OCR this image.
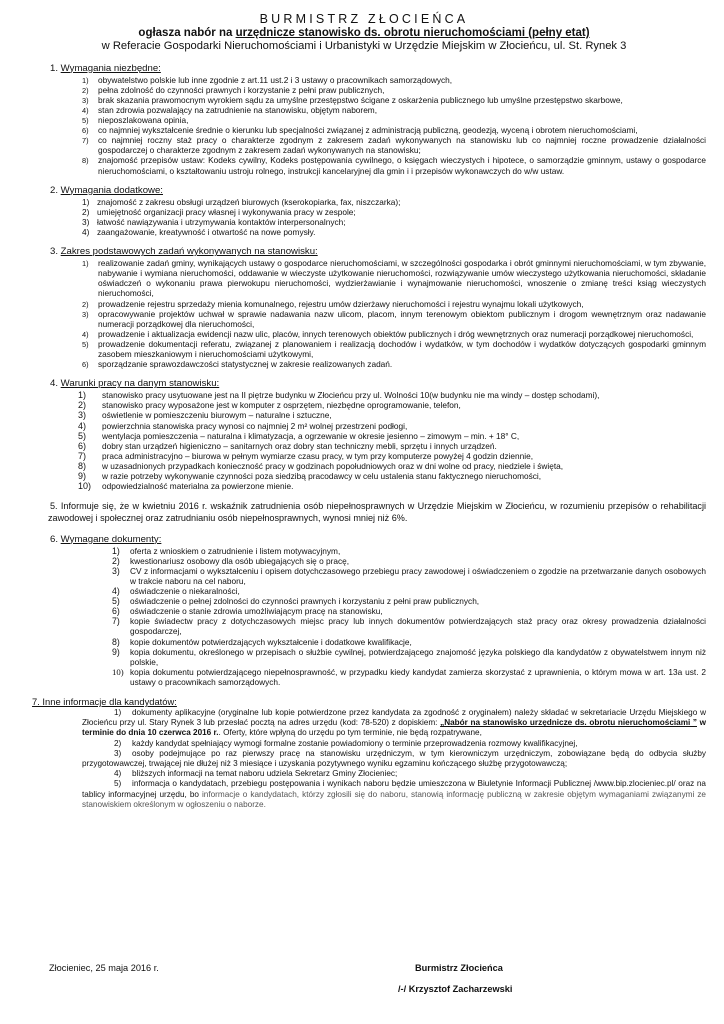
BURMISTRZ ZŁOCIEŃCA
ogłasza nabór na urzędnicze stanowisko ds. obrotu nieruchomościami (pełny etat)
w Referacie Gospodarki Nieruchomościami i Urbanistyki w Urzędzie Miejskim w Złocieńcu, ul. St. Rynek 3
1. Wymagania niezbędne:
1) obywatelstwo polskie lub inne zgodnie z art.11 ust.2 i 3 ustawy o pracownikach samorządowych,
2) pełna zdolność do czynności prawnych i korzystanie z pełni praw publicznych,
3) brak skazania prawomocnym wyrokiem sądu za umyślne przestępstwo ścigane z oskarżenia publicznego lub umyślne przestępstwo skarbowe,
4) stan zdrowia pozwalający na zatrudnienie na stanowisku, objętym naborem,
5) nieposzlakowana opinia,
6) co najmniej wykształcenie średnie o kierunku lub specjalności związanej z administracją publiczną, geodezją, wyceną i obrotem nieruchomościami,
7) co najmniej roczny staż pracy o charakterze zgodnym z zakresem zadań wykonywanych na stanowisku lub co najmniej roczne prowadzenie działalności gospodarczej o charakterze zgodnym z zakresem zadań wykonywanych na stanowisku;
8) znajomość przepisów ustaw: Kodeks cywilny, Kodeks postępowania cywilnego, o księgach wieczystych i hipotece, o samorządzie gminnym, ustawy o gospodarce nieruchomościami, o kształtowaniu ustroju rolnego, instrukcji kancelaryjnej dla gmin i i przepisów wykonawczych do w/w ustaw.
2. Wymagania dodatkowe:
1) znajomość z zakresu obsługi urządzeń biurowych (kserokopiarka, fax, niszczarka);
2) umiejętność organizacji pracy własnej i wykonywania pracy w zespole;
3) łatwość nawiązywania i utrzymywania kontaktów interpersonalnych;
4) zaangażowanie, kreatywność i otwartość na nowe pomysły.
3. Zakres podstawowych zadań wykonywanych na stanowisku:
1) realizowanie zadań gminy, wynikających ustawy o gospodarce nieruchomościami, w szczególności gospodarka i obrót gminnymi nieruchomościami, w tym zbywanie, nabywanie i wymiana nieruchomości, oddawanie w wieczyste użytkowanie nieruchomości, rozwiązywanie umów wieczystego użytkowania nieruchomości, składanie oświadczeń o wykonaniu prawa pierwokupu nieruchomości, wydzierżawianie i wynajmowanie nieruchomości, wnoszenie o zmianę treści ksiąg wieczystych nieruchomości,
2) prowadzenie rejestru sprzedaży mienia komunalnego, rejestru umów dzierżawy nieruchomości i rejestru wynajmu lokali użytkowych,
3) opracowywanie projektów uchwał w sprawie nadawania nazw ulicom, placom, innym terenowym obiektom publicznym i drogom wewnętrznym oraz nadawanie numeracji porządkowej dla nieruchomości,
4) prowadzenie i aktualizacja ewidencji nazw ulic, placów, innych terenowych obiektów publicznych i dróg wewnętrznych oraz numeracji porządkowej nieruchomości,
5) prowadzenie dokumentacji referatu, związanej z planowaniem i realizacją dochodów i wydatków, w tym dochodów i wydatków dotyczących gospodarki gminnym zasobem mieszkaniowym i nieruchomościami użytkowymi,
6) sporządzanie sprawozdawczości statystycznej w zakresie realizowanych zadań.
4. Warunki pracy na danym stanowisku:
1) stanowisko pracy usytuowane jest na II piętrze budynku w Złocieńcu przy ul. Wolności 10(w budynku nie ma windy – dostęp schodami),
2) stanowisko pracy wyposażone jest w komputer z osprzętem, niezbędne oprogramowanie, telefon,
3) oświetlenie w pomieszczeniu biurowym – naturalne i sztuczne,
4) powierzchnia stanowiska pracy wynosi co najmniej 2 m² wolnej przestrzeni podłogi,
5) wentylacja pomieszczenia – naturalna i klimatyzacja, a ogrzewanie w okresie jesienno – zimowym – min. + 18° C,
6) dobry stan urządzeń higieniczno – sanitarnych oraz dobry stan techniczny mebli, sprzętu i innych urządzeń.
7) praca administracyjno – biurowa w pełnym wymiarze czasu pracy, w tym przy komputerze powyżej 4 godzin dziennie,
8) w uzasadnionych przypadkach konieczność pracy w godzinach popołudniowych oraz w dni wolne od pracy, niedziele i święta,
9) w razie potrzeby wykonywanie czynności poza siedzibą pracodawcy w celu ustalenia stanu faktycznego nieruchomości,
10) odpowiedzialność materialna za powierzone mienie.
5. Informuje się, że w kwietniu 2016 r. wskaźnik zatrudnienia osób niepełnosprawnych w Urzędzie Miejskim w Złocieńcu, w rozumieniu przepisów o rehabilitacji zawodowej i społecznej oraz zatrudnianiu osób niepełnosprawnych, wynosi mniej niż 6%.
6. Wymagane dokumenty:
1) oferta z wnioskiem o zatrudnienie i listem motywacyjnym,
2) kwestionariusz osobowy dla osób ubiegających się o pracę,
3) CV z informacjami o wykształceniu i opisem dotychczasowego przebiegu pracy zawodowej i oświadczeniem o zgodzie na przetwarzanie danych osobowych w trakcie naboru na cel naboru,
4) oświadczenie o niekaralności,
5) oświadczenie o pełnej zdolności do czynności prawnych i korzystaniu z pełni praw publicznych,
6) oświadczenie o stanie zdrowia umożliwiającym pracę na stanowisku,
7) kopie świadectw pracy z dotychczasowych miejsc pracy lub innych dokumentów potwierdzających staż pracy oraz okresy prowadzenia działalności gospodarczej,
8) kopie dokumentów potwierdzających wykształcenie i dodatkowe kwalifikacje,
9) kopia dokumentu, określonego w przepisach o służbie cywilnej, potwierdzającego znajomość języka polskiego dla kandydatów z obywatelstwem innym niż polskie,
10) kopia dokumentu potwierdzającego niepełnosprawność, w przypadku kiedy kandydat zamierza skorzystać z uprawnienia, o którym mowa w art. 13a ust. 2 ustawy o pracownikach samorządowych.
7. Inne informacje dla kandydatów:
1) dokumenty aplikacyjne (oryginalne lub kopie potwierdzone przez kandydata za zgodność z oryginałem) należy składać w sekretariacie Urzędu Miejskiego w Złocieńcu przy ul. Stary Rynek 3 lub przesłać pocztą na adres urzędu (kod: 78-520) z dopiskiem: „Nabór na stanowisko urzędnicze ds. obrotu nieruchomościami ” w terminie do dnia 10 czerwca 2016 r.. Oferty, które wpłyną do urzędu po tym terminie, nie będą rozpatrywane,
2) każdy kandydat spełniający wymogi formalne zostanie powiadomiony o terminie przeprowadzenia rozmowy kwalifikacyjnej,
3) osoby podejmujące po raz pierwszy pracę na stanowisku urzędniczym, w tym kierowniczym urzędniczym, zobowiązane będą do odbycia służby przygotowawczej, trwającej nie dłużej niż 3 miesiące i uzyskania pozytywnego wyniku egzaminu kończącego służbę przygotowawczą;
4) bliższych informacji na temat naboru udziela Sekretarz Gminy Złocieniec;
5) informacja o kandydatach, przebiegu postępowania i wynikach naboru będzie umieszczona w Biuletynie Informacji Publicznej /www.bip.zlocieniec.pl/ oraz na tablicy informacyjnej urzędu, bo informacje o kandydatach, którzy zgłosili się do naboru, stanowią informację publiczną w zakresie objętym wymaganiami związanymi ze stanowiskiem określonym w ogłoszeniu o naborze.
Złocieniec, 25 maja 2016 r.	Burmistrz Złocieńca
/-/ Krzysztof Zacharzewski
